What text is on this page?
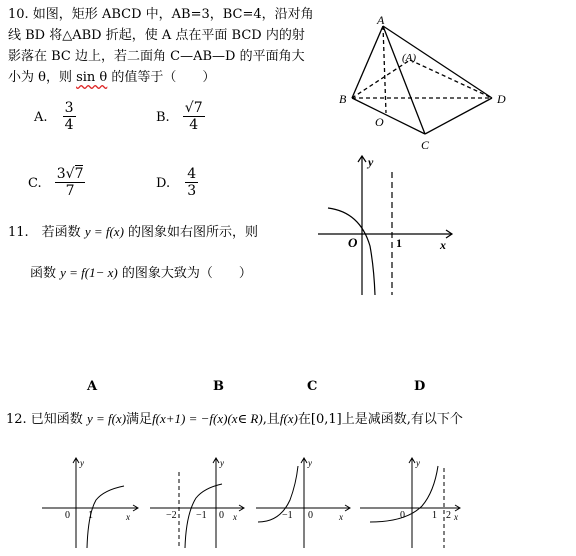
10. 如图，矩形 ABCD 中，AB=3，BC=4，沿对角
线 BD 将△ABD 折起，使 A 点在平面 BCD 内的射
影落在 BC 边上，若二面角 C—AB—D 的平面角大
小为 θ，则 sin θ 的值等于（　　）
A. $\frac{3}{4}$	B. $\frac{√7}{4}$
C. $\frac{3√7}{7}$	D. $\frac{4}{3}$
A
(A)
B	D
C
O
11.　若函数 y = f(x) 的图象如右图所示，则
函数 y = f(1− x) 的图象大致为（　　）
y
x
O	1
A	B	C	D
12. 已知函数 y = f(x)满足f(x+1) = −f(x)(x∈ R),且f(x)在[0,1]上是减函数,有以下个
y
x
0 1
y
x
−2 −1 0
y
x
−1 0
y
x
0	1 2
